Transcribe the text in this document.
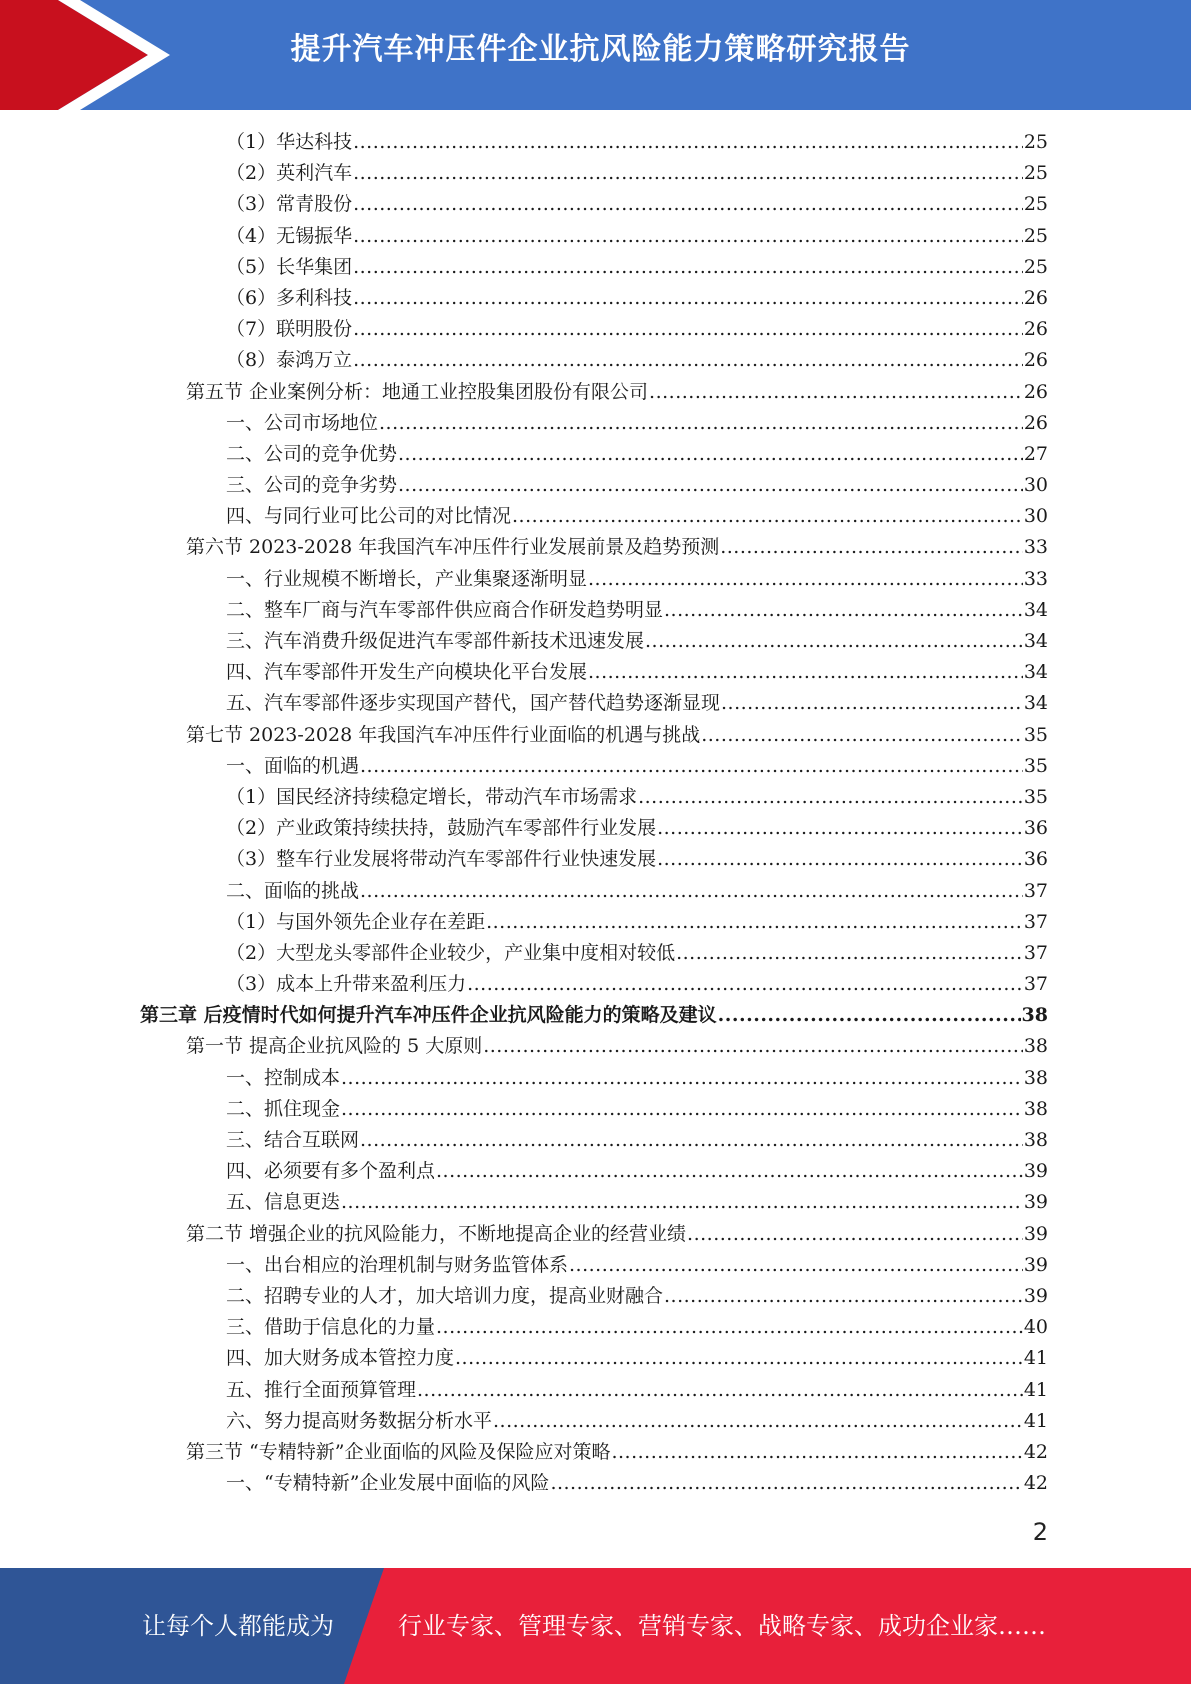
提升汽车冲压件企业抗风险能力策略研究报告
（1）华达科技 .....	25
（2）英利汽车 .....	25
（3）常青股份 .....	25
（4）无锡振华 .....	25
（5）长华集团 .....	25
（6）多利科技 .....	26
（7）联明股份 .....	26
（8）泰鸿万立 .....	26
第五节 企业案例分析：地通工业控股集团股份有限公司 .....	26
一、公司市场地位 .....	26
二、公司的竞争优势 .....	27
三、公司的竞争劣势 .....	30
四、与同行业可比公司的对比情况 .....	30
第六节 2023-2028 年我国汽车冲压件行业发展前景及趋势预测 .....	33
一、行业规模不断增长，产业集聚逐渐明显 .....	33
二、整车厂商与汽车零部件供应商合作研发趋势明显 .....	34
三、汽车消费升级促进汽车零部件新技术迅速发展 .....	34
四、汽车零部件开发生产向模块化平台发展 .....	34
五、汽车零部件逐步实现国产替代，国产替代趋势逐渐显现 .....	34
第七节 2023-2028 年我国汽车冲压件行业面临的机遇与挑战 .....	35
一、面临的机遇 .....	35
（1）国民经济持续稳定增长，带动汽车市场需求 .....	35
（2）产业政策持续扶持，鼓励汽车零部件行业发展 .....	36
（3）整车行业发展将带动汽车零部件行业快速发展 .....	36
二、面临的挑战 .....	37
（1）与国外领先企业存在差距 .....	37
（2）大型龙头零部件企业较少，产业集中度相对较低 .....	37
（3）成本上升带来盈利压力 .....	37
第三章 后疫情时代如何提升汽车冲压件企业抗风险能力的策略及建议 .....	38
第一节 提高企业抗风险的 5 大原则 .....	38
一、控制成本 .....	38
二、抓住现金 .....	38
三、结合互联网 .....	38
四、必须要有多个盈利点 .....	39
五、信息更迭 .....	39
第二节 增强企业的抗风险能力，不断地提高企业的经营业绩 .....	39
一、出台相应的治理机制与财务监管体系 .....	39
二、招聘专业的人才，加大培训力度，提高业财融合 .....	39
三、借助于信息化的力量 .....	40
四、加大财务成本管控力度 .....	41
五、推行全面预算管理 .....	41
六、努力提高财务数据分析水平 .....	41
第三节 “专精特新”企业面临的风险及保险应对策略 .....	42
一、“专精特新”企业发展中面临的风险 .....	42
2
让每个人都能成为	行业专家、管理专家、营销专家、战略专家、成功企业家……
